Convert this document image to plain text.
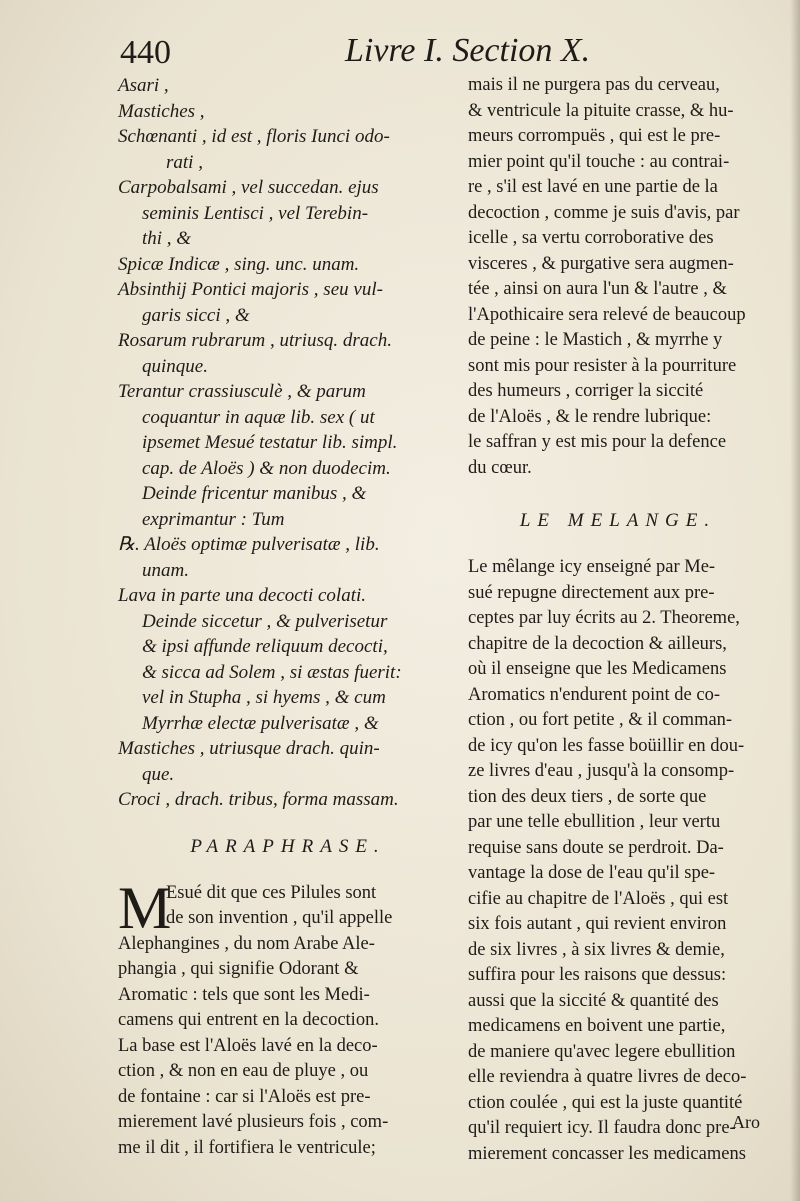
440	Livre I. Section X.
Asari ,
Mastiches ,
Schœnanti , id est , floris Iunci odo-
rati ,
Carpobalsami , vel succedan. ejus
seminis Lentisci , vel Terebin-
thi , &
Spicæ Indicæ , sing. unc. unam.
Absinthij Pontici majoris , seu vul-
garis sicci , &
Rosarum rubrarum , utriusq. drach.
quinque.
Terantur crassiusculè , & parum
coquantur in aquæ lib. sex ( ut
ipsemet Mesué testatur lib. simpl.
cap. de Aloës ) & non duodecim.
Deinde fricentur manibus , &
exprimantur : Tum
℞. Aloës optimæ pulverisatæ , lib.
unam.
Lava in parte una decocti colati.
Deinde siccetur , & pulverisetur
& ipsi affunde reliquum decocti,
& sicca ad Solem , si æstas fuerit:
vel in Stupha , si hyems , & cum
Myrrhæ electæ pulverisatæ , &
Mastiches , utriusque drach. quin-
que.
Croci , drach. tribus, forma massam.
PARAPHRASE.
M
Esué dit que ces Pilules sont
de son invention , qu'il appelle
Alephangines , du nom Arabe Ale-
phangia , qui signifie Odorant &
Aromatic : tels que sont les Medi-
camens qui entrent en la decoction.
La base est l'Aloës lavé en la deco-
ction , & non en eau de pluye , ou
de fontaine : car si l'Aloës est pre-
mierement lavé plusieurs fois , com-
me il dit , il fortifiera le ventricule;
mais il ne purgera pas du cerveau,
& ventricule la pituite crasse, & hu-
meurs corrompuës , qui est le pre-
mier point qu'il touche : au contrai-
re , s'il est lavé en une partie de la
decoction , comme je suis d'avis, par
icelle , sa vertu corroborative des
visceres , & purgative sera augmen-
tée , ainsi on aura l'un & l'autre , &
l'Apothicaire sera relevé de beaucoup
de peine : le Mastich , & myrrhe y
sont mis pour resister à la pourriture
des humeurs , corriger la siccité
de l'Aloës , & le rendre lubrique:
le saffran y est mis pour la defence
du cœur.
LE MELANGE.
Le mêlange icy enseigné par Me-
sué repugne directement aux pre-
ceptes par luy écrits au 2. Theoreme,
chapitre de la decoction & ailleurs,
où il enseigne que les Medicamens
Aromatics n'endurent point de co-
ction , ou fort petite , & il comman-
de icy qu'on les fasse boüillir en dou-
ze livres d'eau , jusqu'à la consomp-
tion des deux tiers , de sorte que
par une telle ebullition , leur vertu
requise sans doute se perdroit. Da-
vantage la dose de l'eau qu'il spe-
cifie au chapitre de l'Aloës , qui est
six fois autant , qui revient environ
de six livres , à six livres & demie,
suffira pour les raisons que dessus:
aussi que la siccité & quantité des
medicamens en boivent une partie,
de maniere qu'avec legere ebullition
elle reviendra à quatre livres de deco-
ction coulée , qui est la juste quantité
qu'il requiert icy. Il faudra donc pre-
mierement concasser les medicamens
Aro
